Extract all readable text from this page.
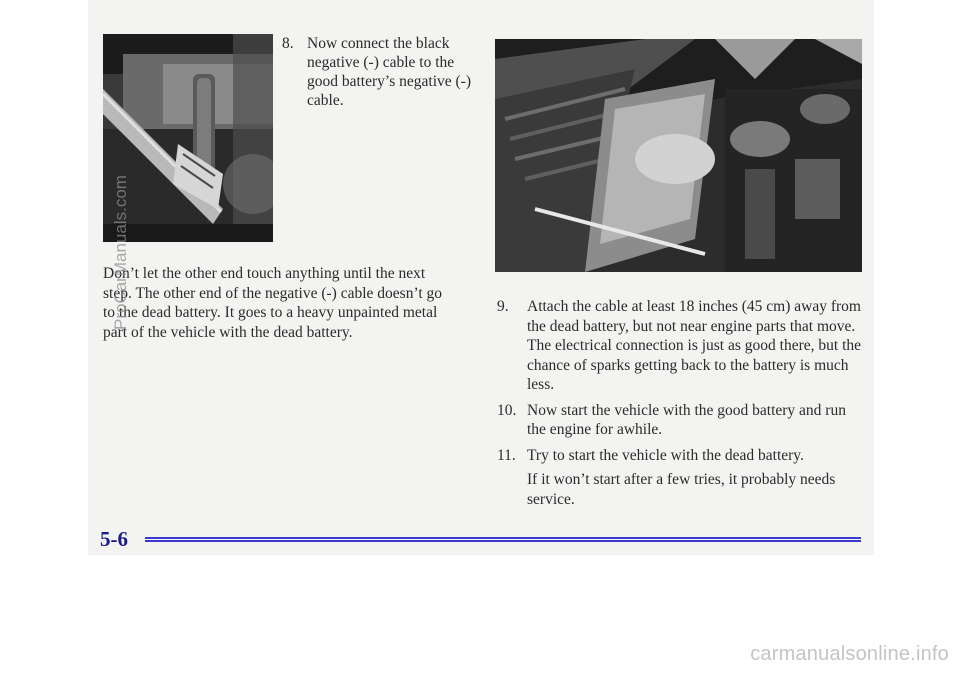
8. Now connect the black negative (-) cable to the good battery’s negative (-) cable.
Don’t let the other end touch anything until the next step. The other end of the negative (-) cable doesn’t go to the dead battery. It goes to a heavy unpainted metal part of the vehicle with the dead battery.
9. Attach the cable at least 18 inches (45 cm) away from the dead battery, but not near engine parts that move. The electrical connection is just as good there, but the chance of sparks getting back to the battery is much less.
10. Now start the vehicle with the good battery and run the engine for awhile.
11. Try to start the vehicle with the dead battery.
If it won’t start after a few tries, it probably needs service.
5-6
ProCarManuals.com
carmanualsonline.info
